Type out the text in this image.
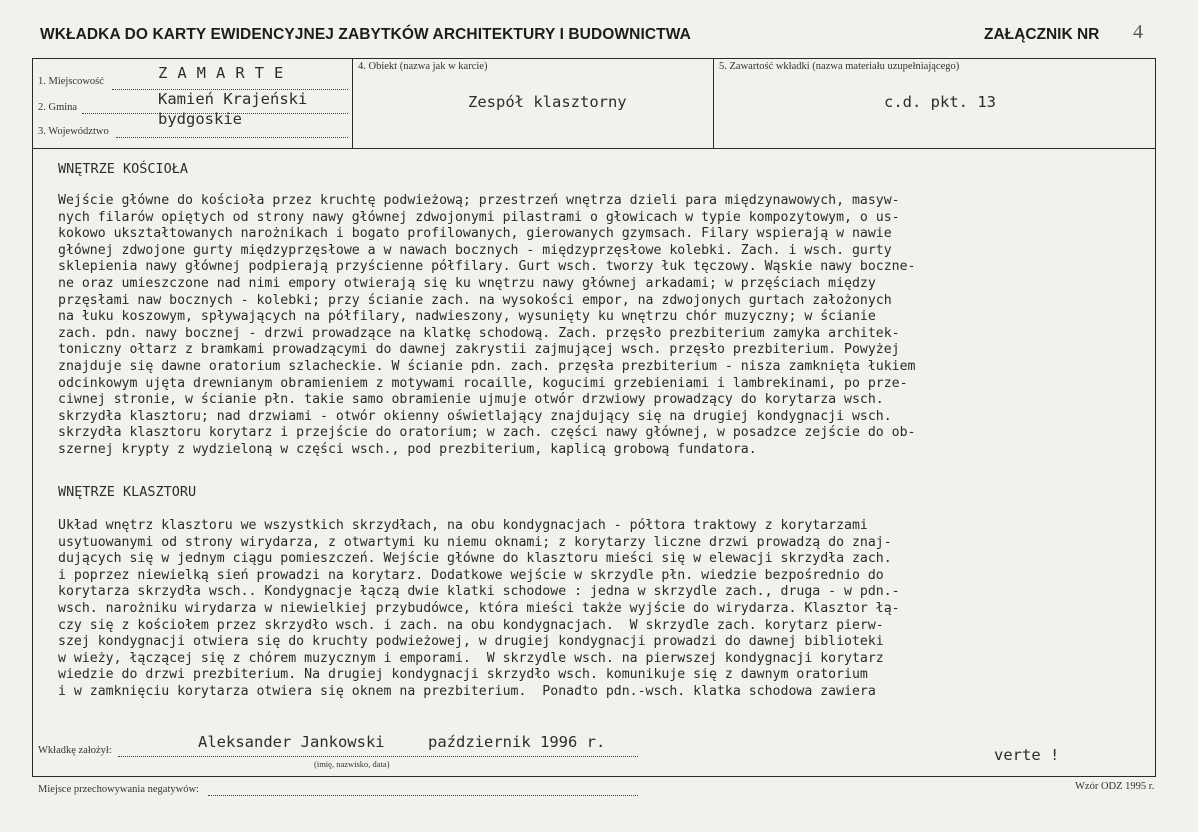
WKŁADKA DO KARTY EWIDENCYJNEJ ZABYTKÓW ARCHITEKTURY I BUDOWNICTWA	ZAŁĄCZNIK NR 4
1. Miejscowość	ZAMARTE
2. Gmina	Kamień Krajeński
3. Województwo
bydgoskie
4. Obiekt (nazwa jak w karcie)
Zespół klasztorny
5. Zawartość wkładki (nazwa materiału uzupełniającego)
c.d. pkt. 13
WNĘTRZE KOŚCIOŁA
Wejście główne do kościoła przez kruchtę podwieżową; przestrzeń wnętrza dzieli para międzynawowych, masyw-
nych filarów opiętych od strony nawy głównej zdwojonymi pilastrami o głowicach w typie kompozytowym, o us-
kokowo ukształtowanych narożnikach i bogato profilowanych, gierowanych gzymsach. Filary wspierają w nawie
głównej zdwojone gurty międzyprzęsłowe a w nawach bocznych - międzyprzęsłowe kolebki. Zach. i wsch. gurty
sklepienia nawy głównej podpierają przyścienne półfilary. Gurt wsch. tworzy łuk tęczowy. Wąskie nawy boczne-
ne oraz umieszczone nad nimi empory otwierają się ku wnętrzu nawy głównej arkadami; w przęściach między
przęsłami naw bocznych - kolebki; przy ścianie zach. na wysokości empor, na zdwojonych gurtach założonych
na łuku koszowym, spływających na półfilary, nadwieszony, wysunięty ku wnętrzu chór muzyczny; w ścianie
zach. pdn. nawy bocznej - drzwi prowadzące na klatkę schodową. Zach. przęsło prezbiterium zamyka architek-
toniczny ołtarz z bramkami prowadzącymi do dawnej zakrystii zajmującej wsch. przęsło prezbiterium. Powyżej
znajduje się dawne oratorium szlacheckie. W ścianie pdn. zach. przęsła prezbiterium - nisza zamknięta łukiem
odcinkowym ujęta drewnianym obramieniem z motywami rocaille, kogucimi grzebieniami i lambrekinami, po prze-
ciwnej stronie, w ścianie płn. takie samo obramienie ujmuje otwór drzwiowy prowadzący do korytarza wsch.
skrzydła klasztoru; nad drzwiami - otwór okienny oświetlający znajdujący się na drugiej kondygnacji wsch.
skrzydła klasztoru korytarz i przejście do oratorium; w zach. części nawy głównej, w posadzce zejście do ob-
szernej krypty z wydzieloną w części wsch., pod prezbiterium, kaplicą grobową fundatora.
WNĘTRZE KLASZTORU
Układ wnętrz klasztoru we wszystkich skrzydłach, na obu kondygnacjach - półtora traktowy z korytarzami
usytuowanymi od strony wirydarza, z otwartymi ku niemu oknami; z korytarzy liczne drzwi prowadzą do znaj-
dujących się w jednym ciągu pomieszczeń. Wejście główne do klasztoru mieści się w elewacji skrzydła zach.
i poprzez niewielką sień prowadzi na korytarz. Dodatkowe wejście w skrzydle płn. wiedzie bezpośrednio do
korytarza skrzydła wsch.. Kondygnacje łączą dwie klatki schodowe : jedna w skrzydle zach., druga - w pdn.-
wsch. narożniku wirydarza w niewielkiej przybudówce, która mieści także wyjście do wirydarza. Klasztor łą-
czy się z kościołem przez skrzydło wsch. i zach. na obu kondygnacjach.  W skrzydle zach. korytarz pierw-
szej kondygnacji otwiera się do kruchty podwieżowej, w drugiej kondygnacji prowadzi do dawnej biblioteki
w wieży, łączącej się z chórem muzycznym i emporami.  W skrzydle wsch. na pierwszej kondygnacji korytarz
wiedzie do drzwi prezbiterium. Na drugiej kondygnacji skrzydło wsch. komunikuje się z dawnym oratorium
i w zamknięciu korytarza otwiera się oknem na prezbiterium.  Ponadto pdn.-wsch. klatka schodowa zawiera
Wkładkę założył:	Aleksander Jankowski	październik 1996 r.
(imię, nazwisko, data)	verte !
Miejsce przechowywania negatywów:	Wzór ODZ 1995 r.
